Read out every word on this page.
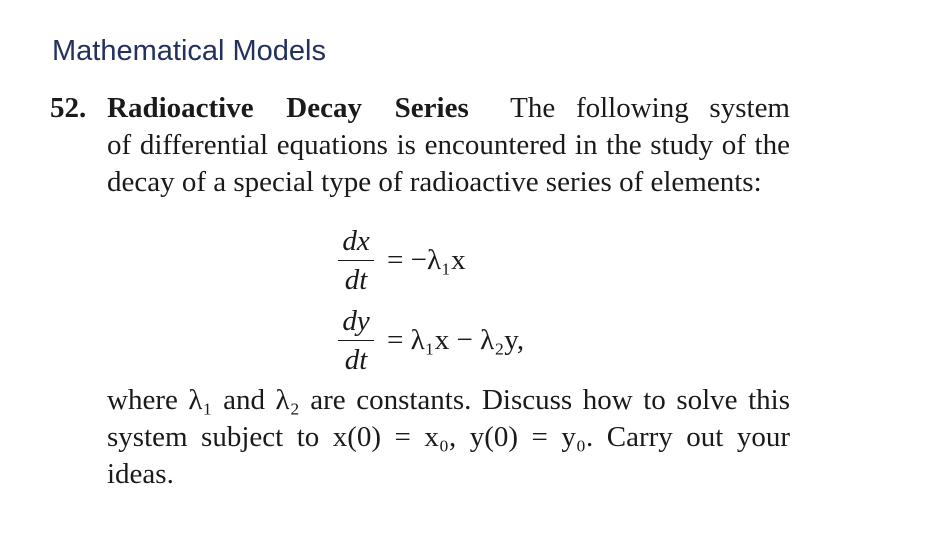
Mathematical Models
52. Radioactive Decay Series The following system
of differential equations is encountered in the study of the
decay of a special type of radioactive series of elements:
$\frac{dx}{dt} = -\lambda_1x$
$\frac{dy}{dt} = \lambda_1x - \lambda_2y$,
where λ₁ and λ₂ are constants. Discuss how to solve this
system subject to x(0) = x₀, y(0) = y₀. Carry out your
ideas.
